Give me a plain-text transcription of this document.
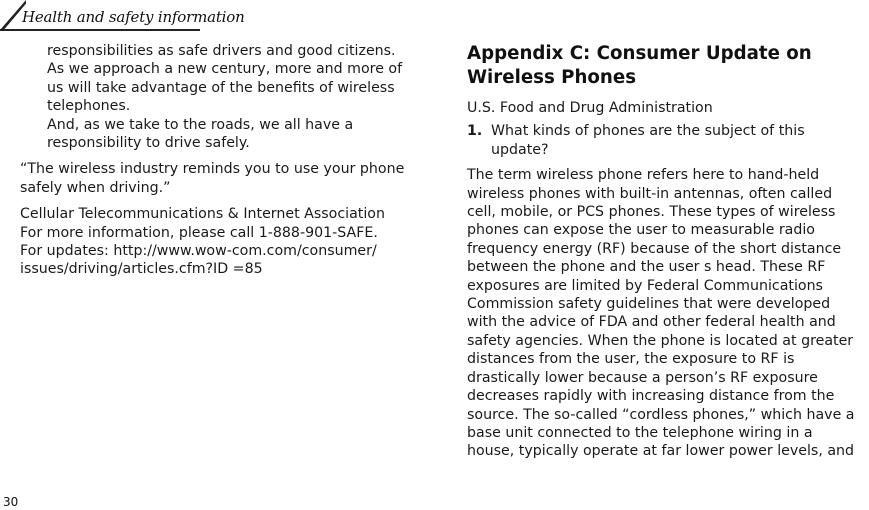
Health and safety information
responsibilities as safe drivers and good citizens.
As we approach a new century, more and more of
us will take advantage of the benefits of wireless
telephones.
And, as we take to the roads, we all have a
responsibility to drive safely.
“The wireless industry reminds you to use your phone
safely when driving.”
Cellular Telecommunications & Internet Association
For more information, please call 1-888-901-SAFE.
For updates: http://www.wow-com.com/consumer/
issues/driving/articles.cfm?ID =85
Appendix C: Consumer Update on
Wireless Phones
U.S. Food and Drug Administration
1. What kinds of phones are the subject of this
update?
The term wireless phone refers here to hand-held
wireless phones with built-in antennas, often called
cell, mobile, or PCS phones. These types of wireless
phones can expose the user to measurable radio
frequency energy (RF) because of the short distance
between the phone and the user s head. These RF
exposures are limited by Federal Communications
Commission safety guidelines that were developed
with the advice of FDA and other federal health and
safety agencies. When the phone is located at greater
distances from the user, the exposure to RF is
drastically lower because a person’s RF exposure
decreases rapidly with increasing distance from the
source. The so-called “cordless phones,” which have a
base unit connected to the telephone wiring in a
house, typically operate at far lower power levels, and
30
